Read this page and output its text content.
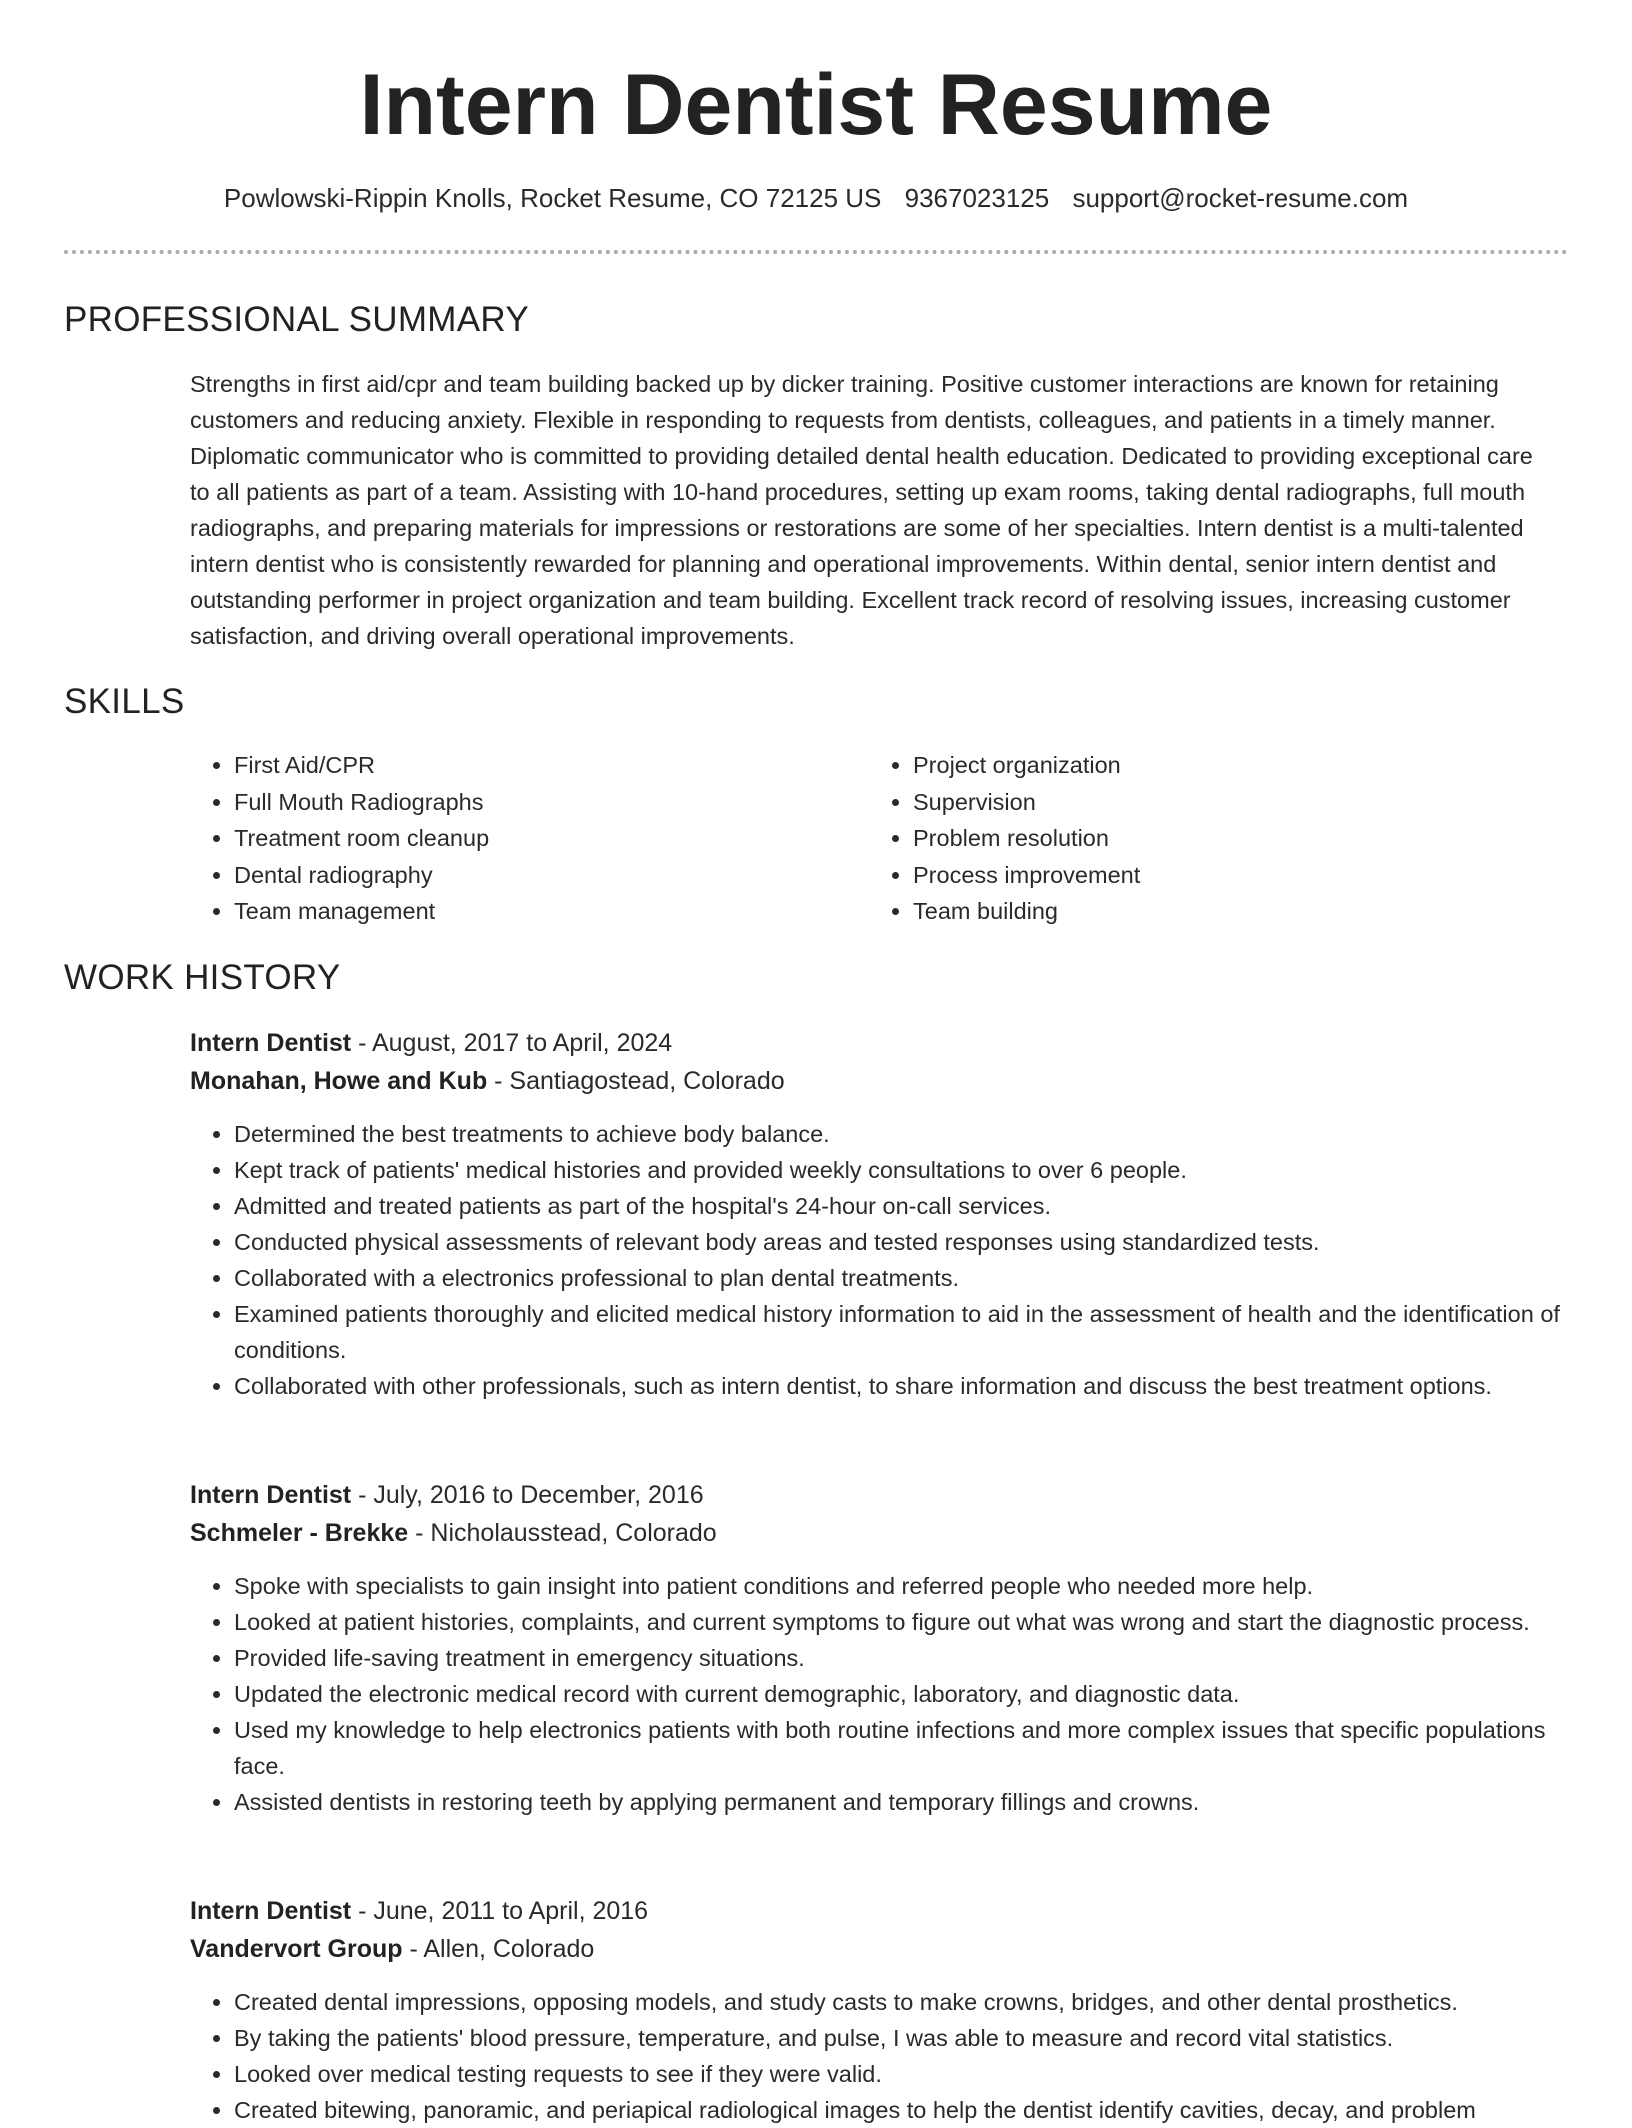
Intern Dentist Resume
Powlowski-Rippin Knolls, Rocket Resume, CO 72125 US 9367023125 support@rocket-resume.com
PROFESSIONAL SUMMARY

Strengths in first aid/cpr and team building backed up by dicker training. Positive customer interactions are known for retaining customers and reducing anxiety. Flexible in responding to requests from dentists, colleagues, and patients in a timely manner. Diplomatic communicator who is committed to providing detailed dental health education. Dedicated to providing exceptional care to all patients as part of a team. Assisting with 10-hand procedures, setting up exam rooms, taking dental radiographs, full mouth radiographs, and preparing materials for impressions or restorations are some of her specialties. Intern dentist is a multi-talented intern dentist who is consistently rewarded for planning and operational improvements. Within dental, senior intern dentist and outstanding performer in project organization and team building. Excellent track record of resolving issues, increasing customer satisfaction, and driving overall operational improvements.

SKILLS
• First Aid/CPR
• Full Mouth Radiographs
• Treatment room cleanup
• Dental radiography
• Team management
• Project organization
• Supervision
• Problem resolution
• Process improvement
• Team building
WORK HISTORY
Intern Dentist - August, 2017 to April, 2024
Monahan, Howe and Kub - Santiagostead, Colorado
• Determined the best treatments to achieve body balance.
• Kept track of patients' medical histories and provided weekly consultations to over 6 people.
• Admitted and treated patients as part of the hospital's 24-hour on-call services.
• Conducted physical assessments of relevant body areas and tested responses using standardized tests.
• Collaborated with a electronics professional to plan dental treatments.
• Examined patients thoroughly and elicited medical history information to aid in the assessment of health and the identification of conditions.
• Collaborated with other professionals, such as intern dentist, to share information and discuss the best treatment options.
Intern Dentist - July, 2016 to December, 2016
Schmeler - Brekke - Nicholausstead, Colorado
• Spoke with specialists to gain insight into patient conditions and referred people who needed more help.
• Looked at patient histories, complaints, and current symptoms to figure out what was wrong and start the diagnostic process.
• Provided life-saving treatment in emergency situations.
• Updated the electronic medical record with current demographic, laboratory, and diagnostic data.
• Used my knowledge to help electronics patients with both routine infections and more complex issues that specific populations face.
• Assisted dentists in restoring teeth by applying permanent and temporary fillings and crowns.
Intern Dentist - June, 2011 to April, 2016
Vandervort Group - Allen, Colorado
• Created dental impressions, opposing models, and study casts to make crowns, bridges, and other dental prosthetics.
• By taking the patients' blood pressure, temperature, and pulse, I was able to measure and record vital statistics.
• Looked over medical testing requests to see if they were valid.
• Created bitewing, panoramic, and periapical radiological images to help the dentist identify cavities, decay, and problem
